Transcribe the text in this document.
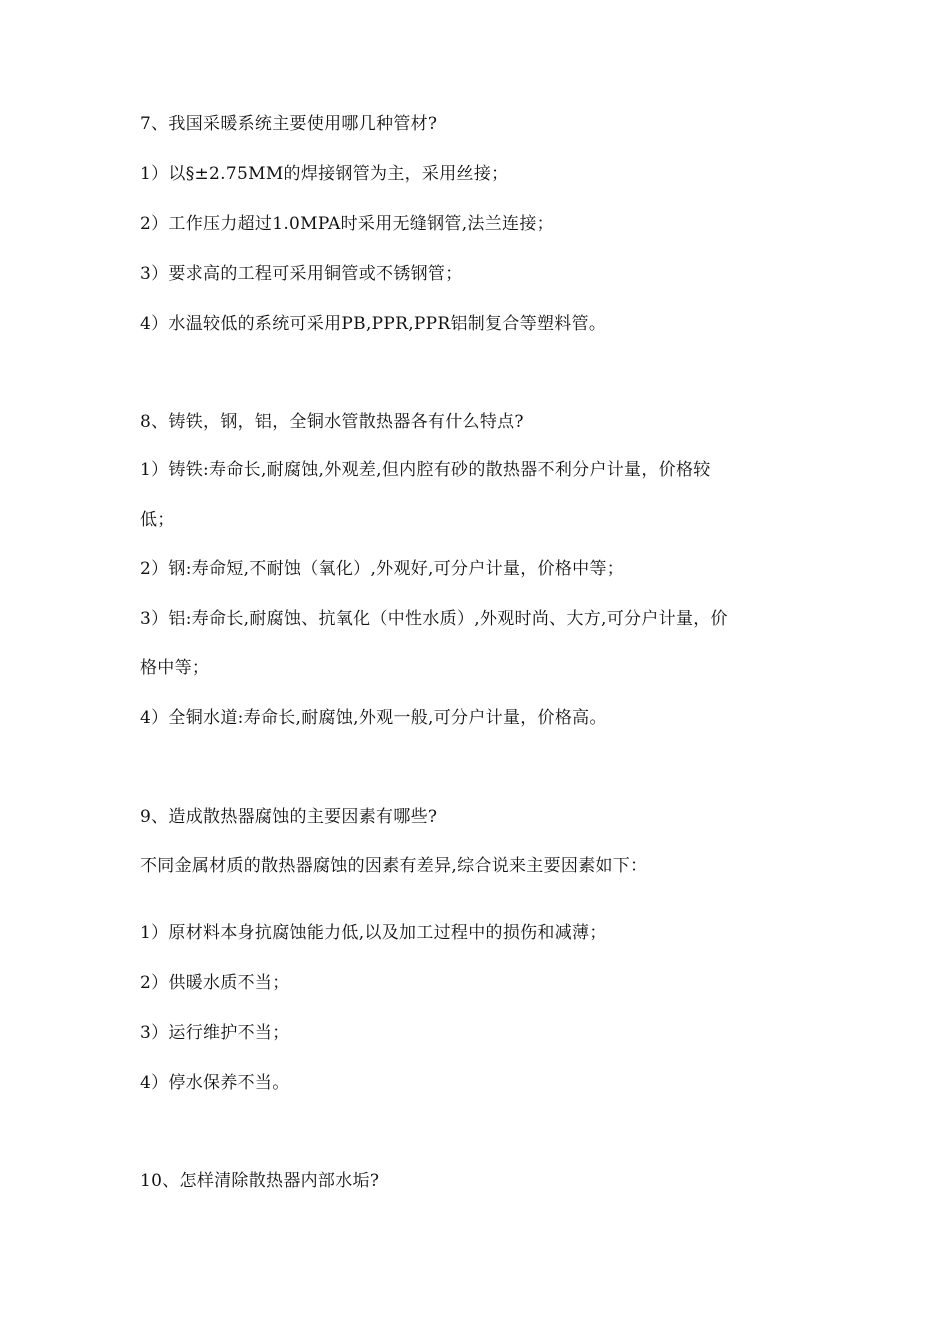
7、我国采暖系统主要使用哪几种管材?
1）以§±2.75MM的焊接钢管为主，采用丝接；
2）工作压力超过1.0MPA时采用无缝钢管,法兰连接；
3）要求高的工程可采用铜管或不锈钢管；
4）水温较低的系统可采用PB,PPR,PPR铝制复合等塑料管。
8、铸铁，钢，铝，全铜水管散热器各有什么特点?
1）铸铁:寿命长,耐腐蚀,外观差,但内腔有砂的散热器不利分户计量，价格较
低；
2）钢:寿命短,不耐蚀（氧化）,外观好,可分户计量，价格中等；
3）铝:寿命长,耐腐蚀、抗氧化（中性水质）,外观时尚、大方,可分户计量，价
格中等；
4）全铜水道:寿命长,耐腐蚀,外观一般,可分户计量，价格高。
9、造成散热器腐蚀的主要因素有哪些?
不同金属材质的散热器腐蚀的因素有差异,综合说来主要因素如下：
1）原材料本身抗腐蚀能力低,以及加工过程中的损伤和减薄；
2）供暖水质不当；
3）运行维护不当；
4）停水保养不当。
10、怎样清除散热器内部水垢?
